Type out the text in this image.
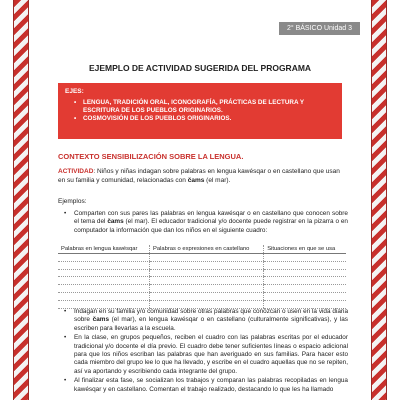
2° BÁSICO Unidad 3
EJEMPLO DE ACTIVIDAD SUGERIDA DEL PROGRAMA
EJES:
• LENGUA, TRADICIÓN ORAL, ICONOGRAFÍA, PRÁCTICAS DE LECTURA Y ESCRITURA DE LOS PUEBLOS ORIGINARIOS.
• COSMOVISIÓN DE LOS PUEBLOS ORIGINARIOS.
CONTEXTO SENSIBILIZACIÓN SOBRE LA LENGUA.
ACTIVIDAD: Niños y niñas indagan sobre palabras en lengua kawésqar o en castellano que usan en su familia y comunidad, relacionadas con čams (el mar).
Ejemplos:
• Comparten con sus pares las palabras en lengua kawésqar o en castellano que conocen sobre el tema del čams (el mar). El educador tradicional y/o docente puede registrar en la pizarra o en computador la información que dan los niños en el siguiente cuadro:
Palabras en lengua kawésqar	Palabras o expresiones en castellano	Situaciones en que se usa

• Indagan en su familia y/o comunidad sobre otras palabras que conozcan o usen en la vida diaria sobre čams (el mar), en lengua kawésqar o en castellano (culturalmente significativas), y las escriben para llevarlas a la escuela.
• En la clase, en grupos pequeños, reciben el cuadro con las palabras escritas por el educador tradicional y/o docente el día previo. El cuadro debe tener suficientes líneas o espacio adicional para que los niños escriban las palabras que han averiguado en sus familias. Para hacer esto cada miembro del grupo lee lo que ha llevado, y escribe en el cuadro aquellas que no se repiten, así va aportando y escribiendo cada integrante del grupo.
• Al finalizar esta fase, se socializan los trabajos y comparan las palabras recopiladas en lengua kawésqar y en castellano. Comentan el trabajo realizado, destacando lo que les ha llamado
